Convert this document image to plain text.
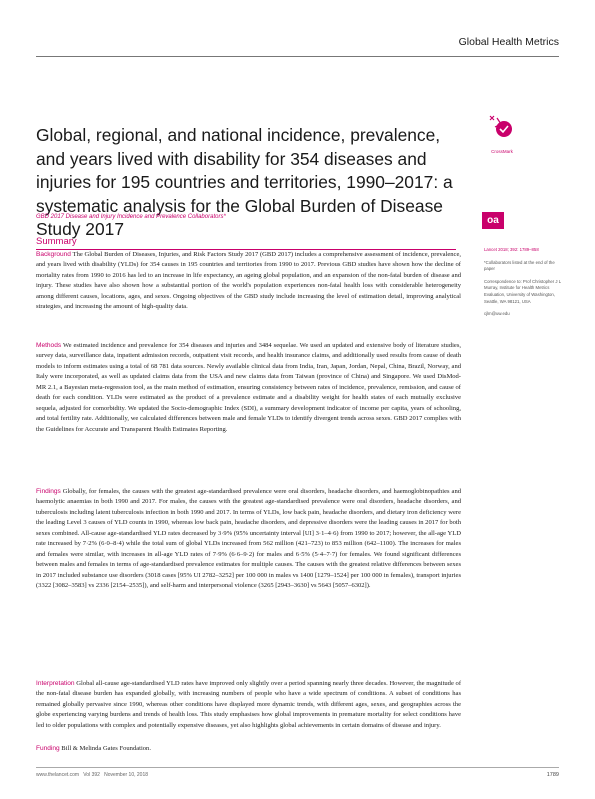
Global Health Metrics
Global, regional, and national incidence, prevalence, and years lived with disability for 354 diseases and injuries for 195 countries and territories, 1990–2017: a systematic analysis for the Global Burden of Disease Study 2017
CrossMark
GBD 2017 Disease and Injury Incidence and Prevalence Collaborators*	oa
Summary

Background The Global Burden of Diseases, Injuries, and Risk Factors Study 2017 (GBD 2017) includes a comprehensive assessment of incidence, prevalence, and years lived with disability (YLDs) for 354 causes in 195 countries and territories from 1990 to 2017. Previous GBD studies have shown how the decline of mortality rates from 1990 to 2016 has led to an increase in life expectancy, an ageing global population, and an expansion of the non-fatal burden of disease and injury. These studies have also shown how a substantial portion of the world's population experiences non-fatal health loss with considerable heterogeneity among different causes, locations, ages, and sexes. Ongoing objectives of the GBD study include increasing the level of estimation detail, improving analytical strategies, and increasing the amount of high-quality data.

Methods We estimated incidence and prevalence for 354 diseases and injuries and 3484 sequelae. We used an updated and extensive body of literature studies, survey data, surveillance data, inpatient admission records, outpatient visit records, and health insurance claims, and additionally used results from cause of death models to inform estimates using a total of 68 781 data sources. Newly available clinical data from India, Iran, Japan, Jordan, Nepal, China, Brazil, Norway, and Italy were incorporated, as well as updated claims data from the USA and new claims data from Taiwan (province of China) and Singapore. We used DisMod-MR 2.1, a Bayesian meta-regression tool, as the main method of estimation, ensuring consistency between rates of incidence, prevalence, remission, and cause of death for each condition. YLDs were estimated as the product of a prevalence estimate and a disability weight for health states of each mutually exclusive sequela, adjusted for comorbidity. We updated the Socio-demographic Index (SDI), a summary development indicator of income per capita, years of schooling, and total fertility rate. Additionally, we calculated differences between male and female YLDs to identify divergent trends across sexes. GBD 2017 complies with the Guidelines for Accurate and Transparent Health Estimates Reporting.

Findings Globally, for females, the causes with the greatest age-standardised prevalence were oral disorders, headache disorders, and haemoglobinopathies and haemolytic anaemias in both 1990 and 2017. For males, the causes with the greatest age-standardised prevalence were oral disorders, headache disorders, and tuberculosis including latent tuberculosis infection in both 1990 and 2017. In terms of YLDs, low back pain, headache disorders, and dietary iron deficiency were the leading Level 3 causes of YLD counts in 1990, whereas low back pain, headache disorders, and depressive disorders were the leading causes in 2017 for both sexes combined. All-cause age-standardised YLD rates decreased by 3·9% (95% uncertainty interval [UI] 3·1–4·6) from 1990 to 2017; however, the all-age YLD rate increased by 7·2% (6·0–8·4) while the total sum of global YLDs increased from 562 million (421–723) to 853 million (642–1100). The increases for males and females were similar, with increases in all-age YLD rates of 7·9% (6·6–9·2) for males and 6·5% (5·4–7·7) for females. We found significant differences between males and females in terms of age-standardised prevalence estimates for multiple causes. The causes with the greatest relative differences between sexes in 2017 included substance use disorders (3018 cases [95% UI 2782–3252] per 100 000 in males vs 1400 [1279–1524] per 100 000 in females), transport injuries (3322 [3082–3583] vs 2336 [2154–2535]), and self-harm and interpersonal violence (3265 [2943–3630] vs 5643 [5057–6302]).

Interpretation Global all-cause age-standardised YLD rates have improved only slightly over a period spanning nearly three decades. However, the magnitude of the non-fatal disease burden has expanded globally, with increasing numbers of people who have a wide spectrum of conditions. A subset of conditions has remained globally pervasive since 1990, whereas other conditions have displayed more dynamic trends, with different ages, sexes, and geographies across the globe experiencing varying burdens and trends of health loss. This study emphasises how global improvements in premature mortality for select conditions have led to older populations with complex and potentially expensive diseases, yet also highlights global achievements in certain domains of disease and injury.

Funding Bill & Melinda Gates Foundation.

Lancet 2018; 392: 1789–858

*Collaborators listed at the end of the paper

Correspondence to: Prof Christopher J L Murray, Institute for Health Metrics Evaluation, University of Washington, Seattle, WA 98121, USA

cjlm@uw.edu

www.thelancet.com   Vol 392   November 10, 2018	1789
